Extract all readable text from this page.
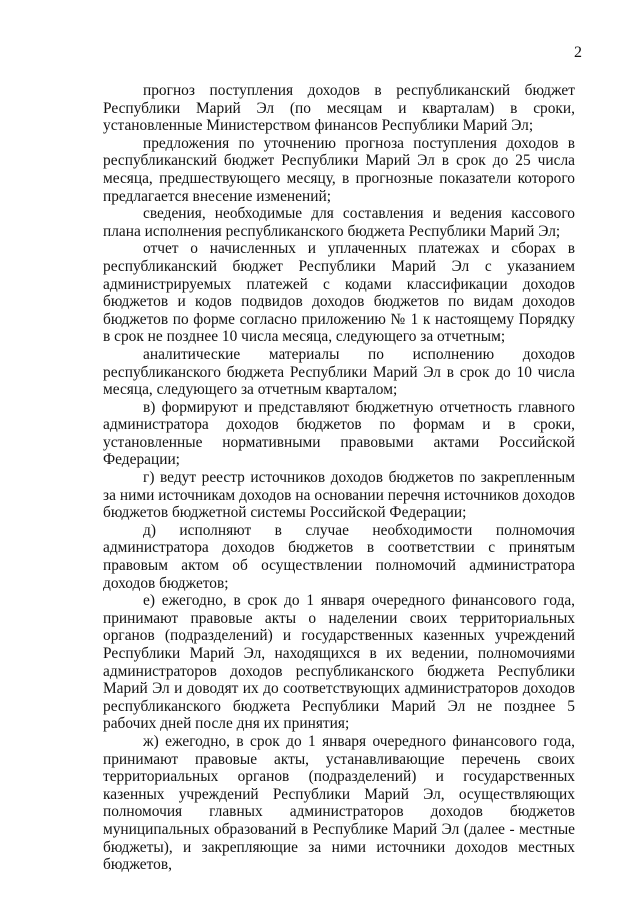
2

прогноз поступления доходов в республиканский бюджет Республики Марий Эл (по месяцам и кварталам) в сроки, установленные Министерством финансов Республики Марий Эл;

предложения по уточнению прогноза поступления доходов в республиканский бюджет Республики Марий Эл в срок до 25 числа месяца, предшествующего месяцу, в прогнозные показатели которого предлагается внесение изменений;

сведения, необходимые для составления и ведения кассового плана исполнения республиканского бюджета Республики Марий Эл;

отчет о начисленных и уплаченных платежах и сборах в республиканский бюджет Республики Марий Эл с указанием администрируемых платежей с кодами классификации доходов бюджетов и кодов подвидов доходов бюджетов по видам доходов бюджетов по форме согласно приложению № 1 к настоящему Порядку в срок не позднее 10 числа месяца, следующего за отчетным;

аналитические материалы по исполнению доходов республиканского бюджета Республики Марий Эл в срок до 10 числа месяца, следующего за отчетным кварталом;

в) формируют и представляют бюджетную отчетность главного администратора доходов бюджетов по формам и в сроки, установленные нормативными правовыми актами Российской Федерации;

г) ведут реестр источников доходов бюджетов по закрепленным за ними источникам доходов на основании перечня источников доходов бюджетов бюджетной системы Российской Федерации;

д) исполняют в случае необходимости полномочия администратора доходов бюджетов в соответствии с принятым правовым актом об осуществлении полномочий администратора доходов бюджетов;

е) ежегодно, в срок до 1 января очередного финансового года, принимают правовые акты о наделении своих территориальных органов (подразделений) и государственных казенных учреждений Республики Марий Эл, находящихся в их ведении, полномочиями администраторов доходов республиканского бюджета Республики Марий Эл и доводят их до соответствующих администраторов доходов республиканского бюджета Республики Марий Эл не позднее 5 рабочих дней после дня их принятия;

ж) ежегодно, в срок до 1 января очередного финансового года, принимают правовые акты, устанавливающие перечень своих территориальных органов (подразделений) и государственных казенных учреждений Республики Марий Эл, осуществляющих полномочия главных администраторов доходов бюджетов муниципальных образований в Республике Марий Эл (далее - местные бюджеты), и закрепляющие за ними источники доходов местных бюджетов,
